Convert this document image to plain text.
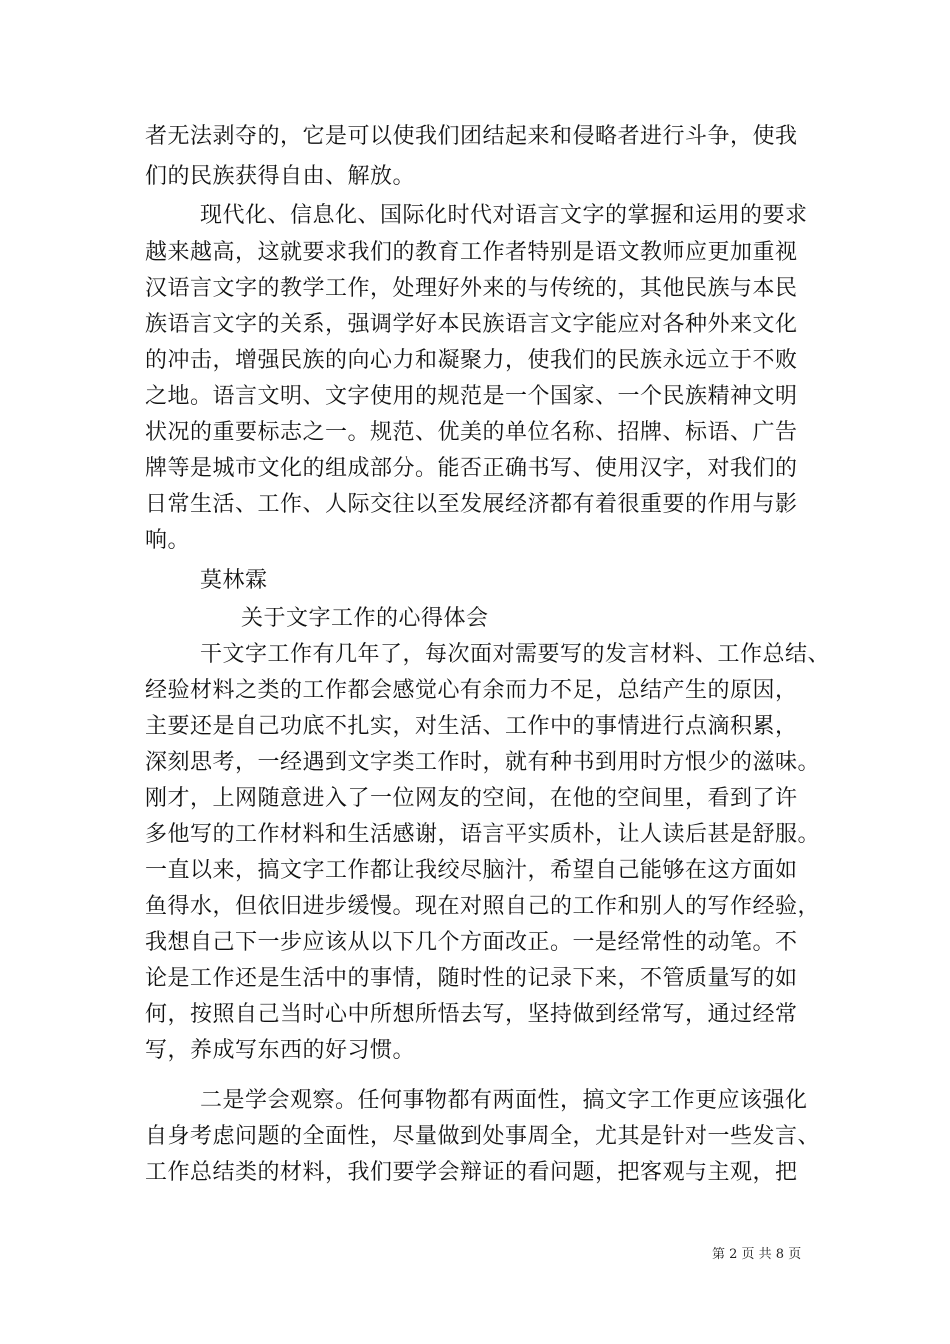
者无法剥夺的，它是可以使我们团结起来和侵略者进行斗争，使我
们的民族获得自由、解放。
现代化、信息化、国际化时代对语言文字的掌握和运用的要求
越来越高，这就要求我们的教育工作者特别是语文教师应更加重视
汉语言文字的教学工作，处理好外来的与传统的，其他民族与本民
族语言文字的关系，强调学好本民族语言文字能应对各种外来文化
的冲击，增强民族的向心力和凝聚力，使我们的民族永远立于不败
之地。语言文明、文字使用的规范是一个国家、一个民族精神文明
状况的重要标志之一。规范、优美的单位名称、招牌、标语、广告
牌等是城市文化的组成部分。能否正确书写、使用汉字，对我们的
日常生活、工作、人际交往以至发展经济都有着很重要的作用与影
响。
莫林霖
关于文字工作的心得体会
干文字工作有几年了，每次面对需要写的发言材料、工作总结、
经验材料之类的工作都会感觉心有余而力不足，总结产生的原因，
主要还是自己功底不扎实，对生活、工作中的事情进行点滴积累，
深刻思考，一经遇到文字类工作时，就有种书到用时方恨少的滋味。
刚才，上网随意进入了一位网友的空间，在他的空间里，看到了许
多他写的工作材料和生活感谢，语言平实质朴，让人读后甚是舒服。
一直以来，搞文字工作都让我绞尽脑汁，希望自己能够在这方面如
鱼得水，但依旧进步缓慢。现在对照自己的工作和别人的写作经验，
我想自己下一步应该从以下几个方面改正。一是经常性的动笔。不
论是工作还是生活中的事情，随时性的记录下来，不管质量写的如
何，按照自己当时心中所想所悟去写，坚持做到经常写，通过经常
写，养成写东西的好习惯。
二是学会观察。任何事物都有两面性，搞文字工作更应该强化
自身考虑问题的全面性，尽量做到处事周全，尤其是针对一些发言、
工作总结类的材料，我们要学会辩证的看问题，把客观与主观，把
第 2 页 共 8 页
